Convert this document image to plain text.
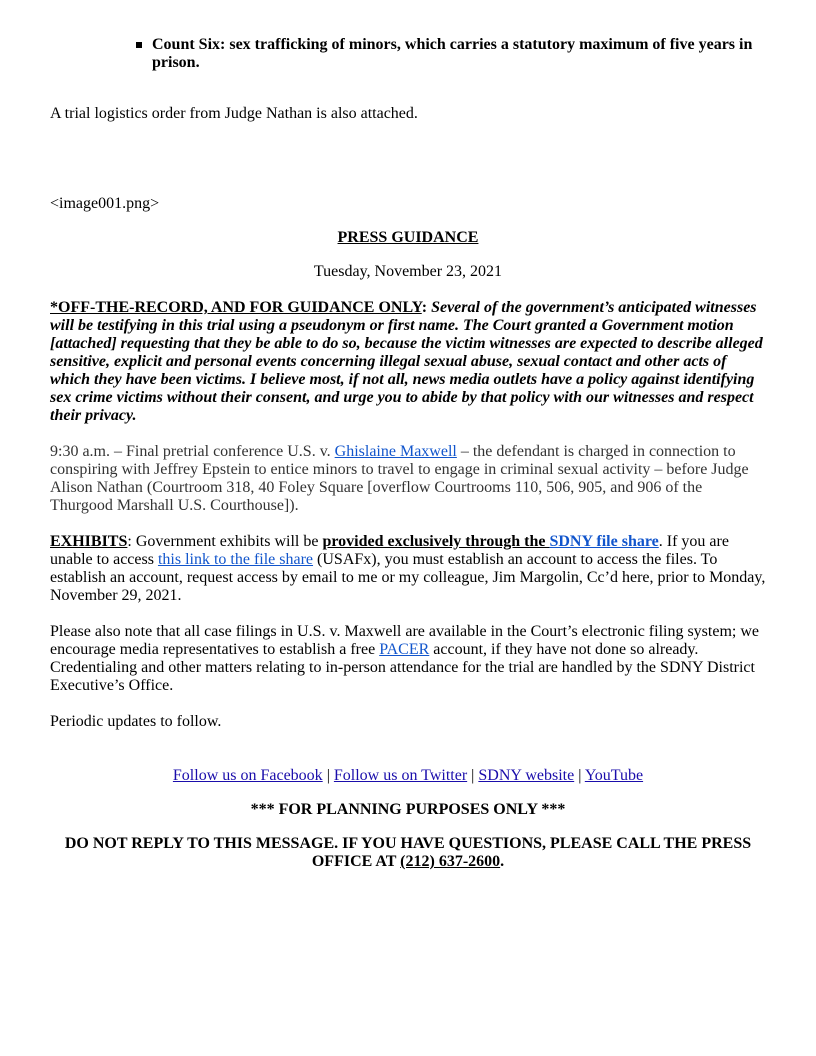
Count Six: sex trafficking of minors, which carries a statutory maximum of five years in prison.

A trial logistics order from Judge Nathan is also attached.

<image001.png>

PRESS GUIDANCE

Tuesday, November 23, 2021

*OFF-THE-RECORD, AND FOR GUIDANCE ONLY: Several of the government’s anticipated witnesses will be testifying in this trial using a pseudonym or first name. The Court granted a Government motion [attached] requesting that they be able to do so, because the victim witnesses are expected to describe alleged sensitive, explicit and personal events concerning illegal sexual abuse, sexual contact and other acts of which they have been victims. I believe most, if not all, news media outlets have a policy against identifying sex crime victims without their consent, and urge you to abide by that policy with our witnesses and respect their privacy.

9:30 a.m. – Final pretrial conference U.S. v. Ghislaine Maxwell – the defendant is charged in connection to conspiring with Jeffrey Epstein to entice minors to travel to engage in criminal sexual activity – before Judge Alison Nathan (Courtroom 318, 40 Foley Square [overflow Courtrooms 110, 506, 905, and 906 of the Thurgood Marshall U.S. Courthouse]).

EXHIBITS: Government exhibits will be provided exclusively through the SDNY file share. If you are unable to access this link to the file share (USAFx), you must establish an account to access the files. To establish an account, request access by email to me or my colleague, Jim Margolin, Cc’d here, prior to Monday, November 29, 2021.

Please also note that all case filings in U.S. v. Maxwell are available in the Court’s electronic filing system; we encourage media representatives to establish a free PACER account, if they have not done so already. Credentialing and other matters relating to in-person attendance for the trial are handled by the SDNY District Executive’s Office.

Periodic updates to follow.

Follow us on Facebook | Follow us on Twitter | SDNY website | YouTube

*** FOR PLANNING PURPOSES ONLY ***

DO NOT REPLY TO THIS MESSAGE. IF YOU HAVE QUESTIONS, PLEASE CALL THE PRESS OFFICE AT (212) 637-2600.
